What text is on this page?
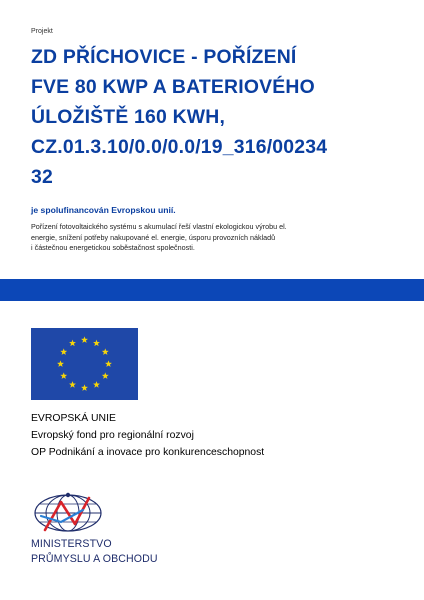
Projekt
ZD PŘÍCHOVICE - POŘÍZENÍ
FVE 80 KWP A BATERIOVÉHO
ÚLOŽIŠTĚ 160 KWH,
CZ.01.3.10/0.0/0.0/19_316/00234
32
je spolufinancován Evropskou unií.
Pořízení fotovoltaického systému s akumulací řeší vlastní ekologickou výrobu el.
energie, snížení potřeby nakupované el. energie, úsporu provozních nákladů
i částečnou energetickou soběstačnost společnosti.
EVROPSKÁ UNIE
Evropský fond pro regionální rozvoj
OP Podnikání a inovace pro konkurenceschopnost
MINISTERSTVO
PRŮMYSLU A OBCHODU
